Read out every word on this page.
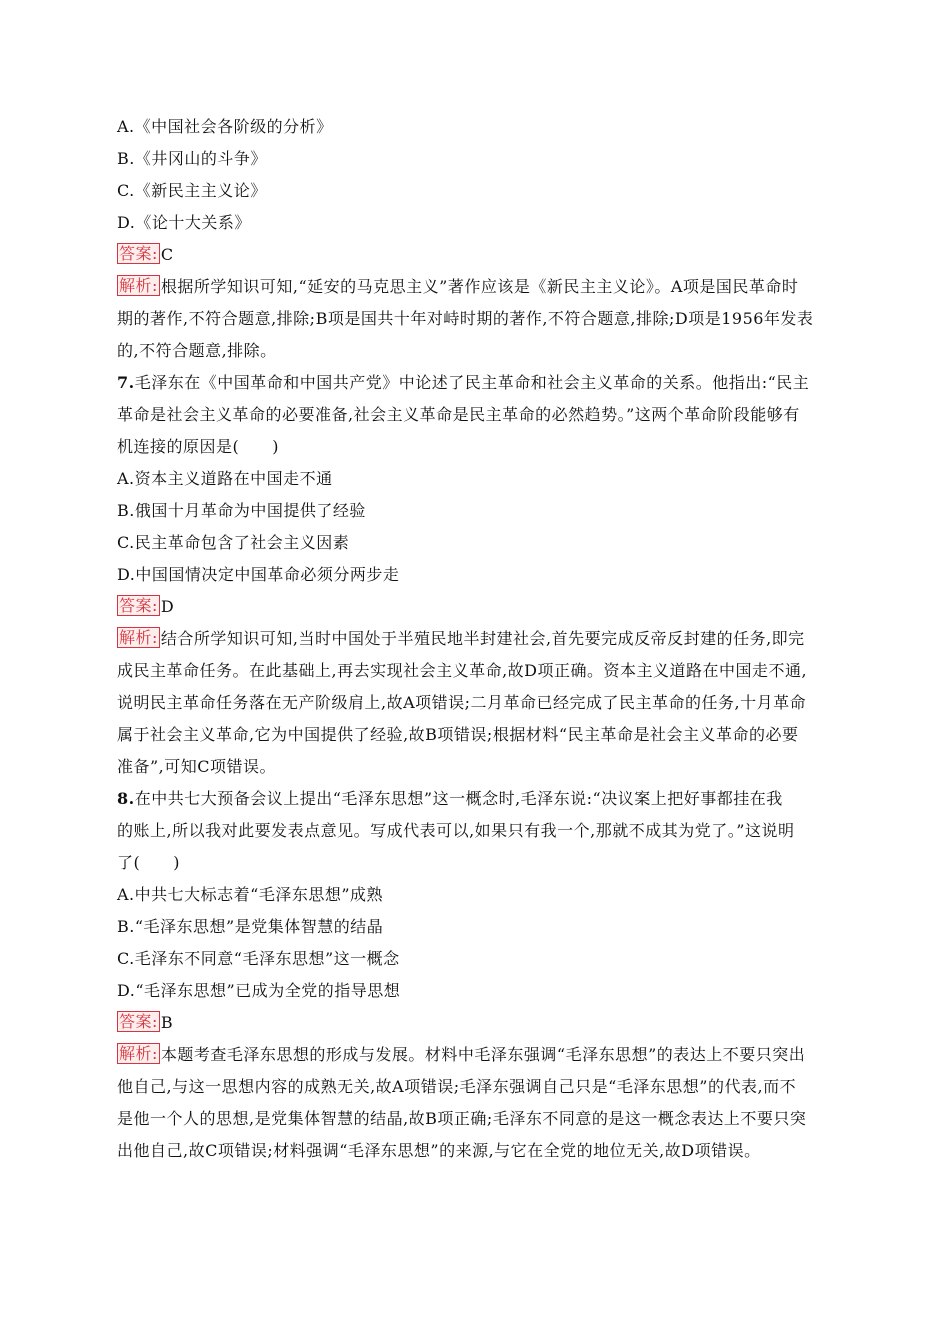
A.《中国社会各阶级的分析》
B.《井冈山的斗争》
C.《新民主主义论》
D.《论十大关系》
答案: C
解析: 根据所学知识可知,“延安的马克思主义”著作应该是《新民主主义论》。A项是国民革命时
期的著作,不符合题意,排除;B项是国共十年对峙时期的著作,不符合题意,排除;D项是1956年发表
的,不符合题意,排除。
7.毛泽东在《中国革命和中国共产党》中论述了民主革命和社会主义革命的关系。他指出:“民主
革命是社会主义革命的必要准备,社会主义革命是民主革命的必然趋势。”这两个革命阶段能够有
机连接的原因是(　　)
A.资本主义道路在中国走不通
B.俄国十月革命为中国提供了经验
C.民主革命包含了社会主义因素
D.中国国情决定中国革命必须分两步走
答案: D
解析: 结合所学知识可知,当时中国处于半殖民地半封建社会,首先要完成反帝反封建的任务,即完
成民主革命任务。在此基础上,再去实现社会主义革命,故D项正确。资本主义道路在中国走不通,
说明民主革命任务落在无产阶级肩上,故A项错误;二月革命已经完成了民主革命的任务,十月革命
属于社会主义革命,它为中国提供了经验,故B项错误;根据材料“民主革命是社会主义革命的必要
准备”,可知C项错误。
8.在中共七大预备会议上提出“毛泽东思想”这一概念时,毛泽东说:“决议案上把好事都挂在我
的账上,所以我对此要发表点意见。写成代表可以,如果只有我一个,那就不成其为党了。”这说明
了(　　)
A.中共七大标志着“毛泽东思想”成熟
B.“毛泽东思想”是党集体智慧的结晶
C.毛泽东不同意“毛泽东思想”这一概念
D.“毛泽东思想”已成为全党的指导思想
答案: B
解析: 本题考查毛泽东思想的形成与发展。材料中毛泽东强调“毛泽东思想”的表达上不要只突出
他自己,与这一思想内容的成熟无关,故A项错误;毛泽东强调自己只是“毛泽东思想”的代表,而不
是他一个人的思想,是党集体智慧的结晶,故B项正确;毛泽东不同意的是这一概念表达上不要只突
出他自己,故C项错误;材料强调“毛泽东思想”的来源,与它在全党的地位无关,故D项错误。
